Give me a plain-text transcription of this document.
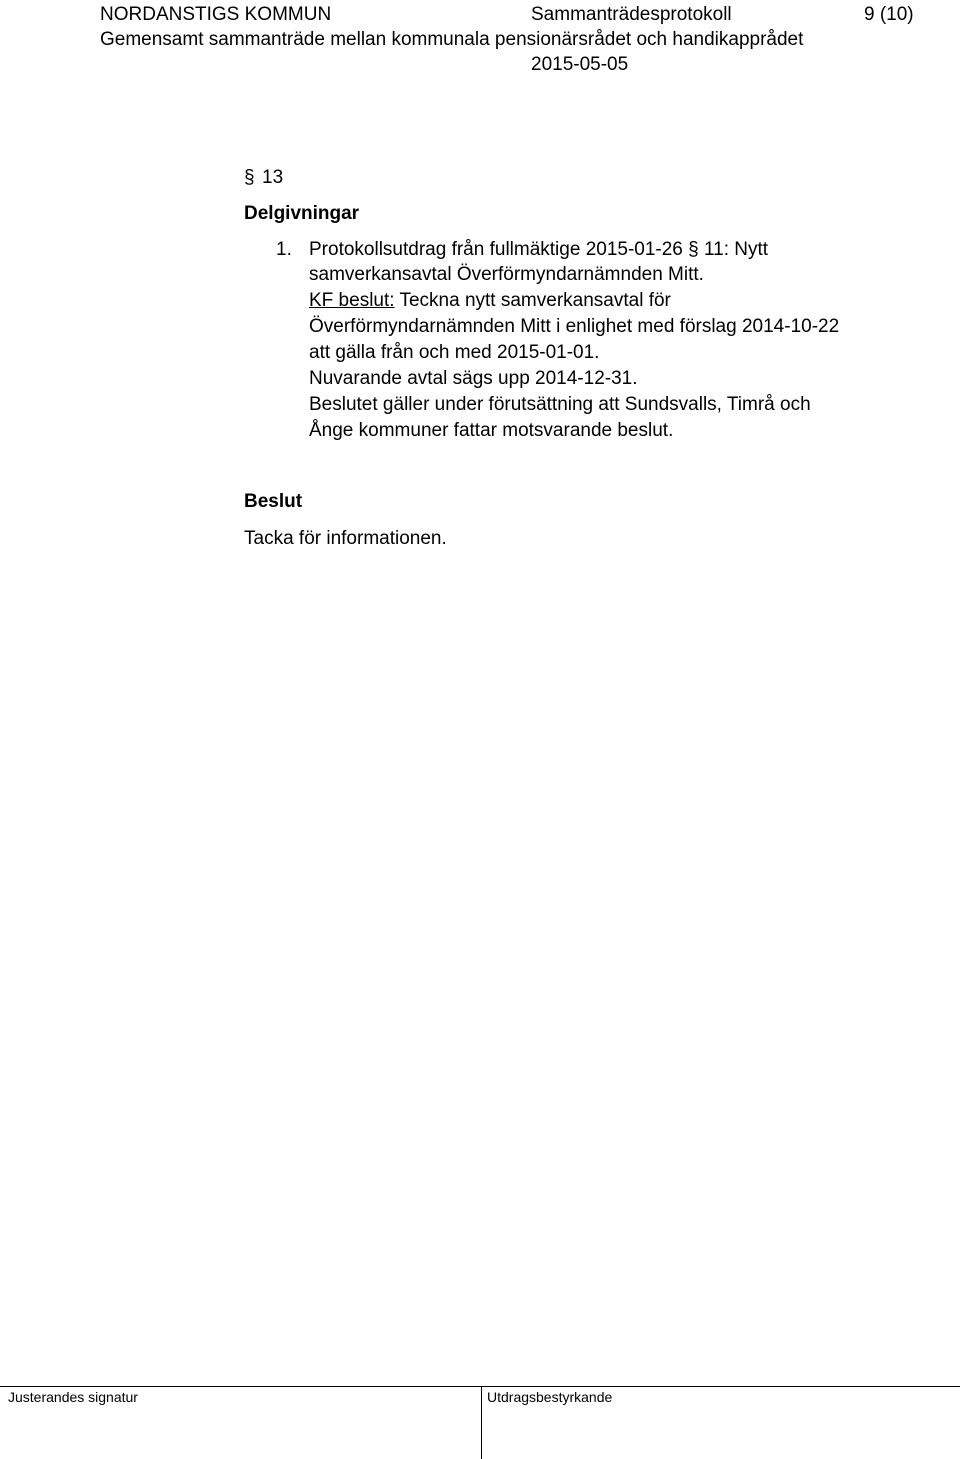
NORDANSTIGS KOMMUN	Sammanträdesprotokoll	9 (10)
Gemensamt sammanträde mellan kommunala pensionärsrådet och handikapprådet
2015-05-05
§ 13
Delgivningar
1. Protokollsutdrag från fullmäktige 2015-01-26 § 11: Nytt
samverkansavtal Överförmyndarnämnden Mitt.
KF beslut: Teckna nytt samverkansavtal för
Överförmyndarnämnden Mitt i enlighet med förslag 2014-10-22
att gälla från och med 2015-01-01.
Nuvarande avtal sägs upp 2014-12-31.
Beslutet gäller under förutsättning att Sundsvalls, Timrå och
Ånge kommuner fattar motsvarande beslut.
Beslut
Tacka för informationen.
Justerandes signatur	Utdragsbestyrkande
